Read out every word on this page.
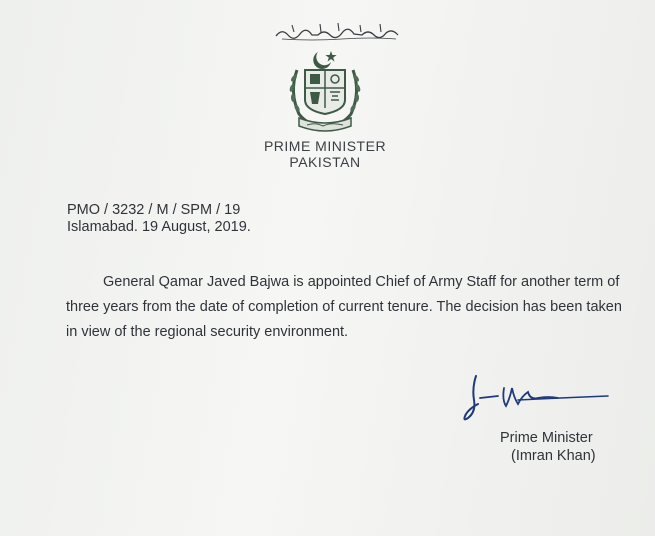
PRIME MINISTER
PAKISTAN
PMO / 3232 / M / SPM / 19
Islamabad. 19 August, 2019.

General Qamar Javed Bajwa is appointed Chief of Army Staff for another term of three years from the date of completion of current tenure. The decision has been taken in view of the regional security environment.

Prime Minister
(Imran Khan)
